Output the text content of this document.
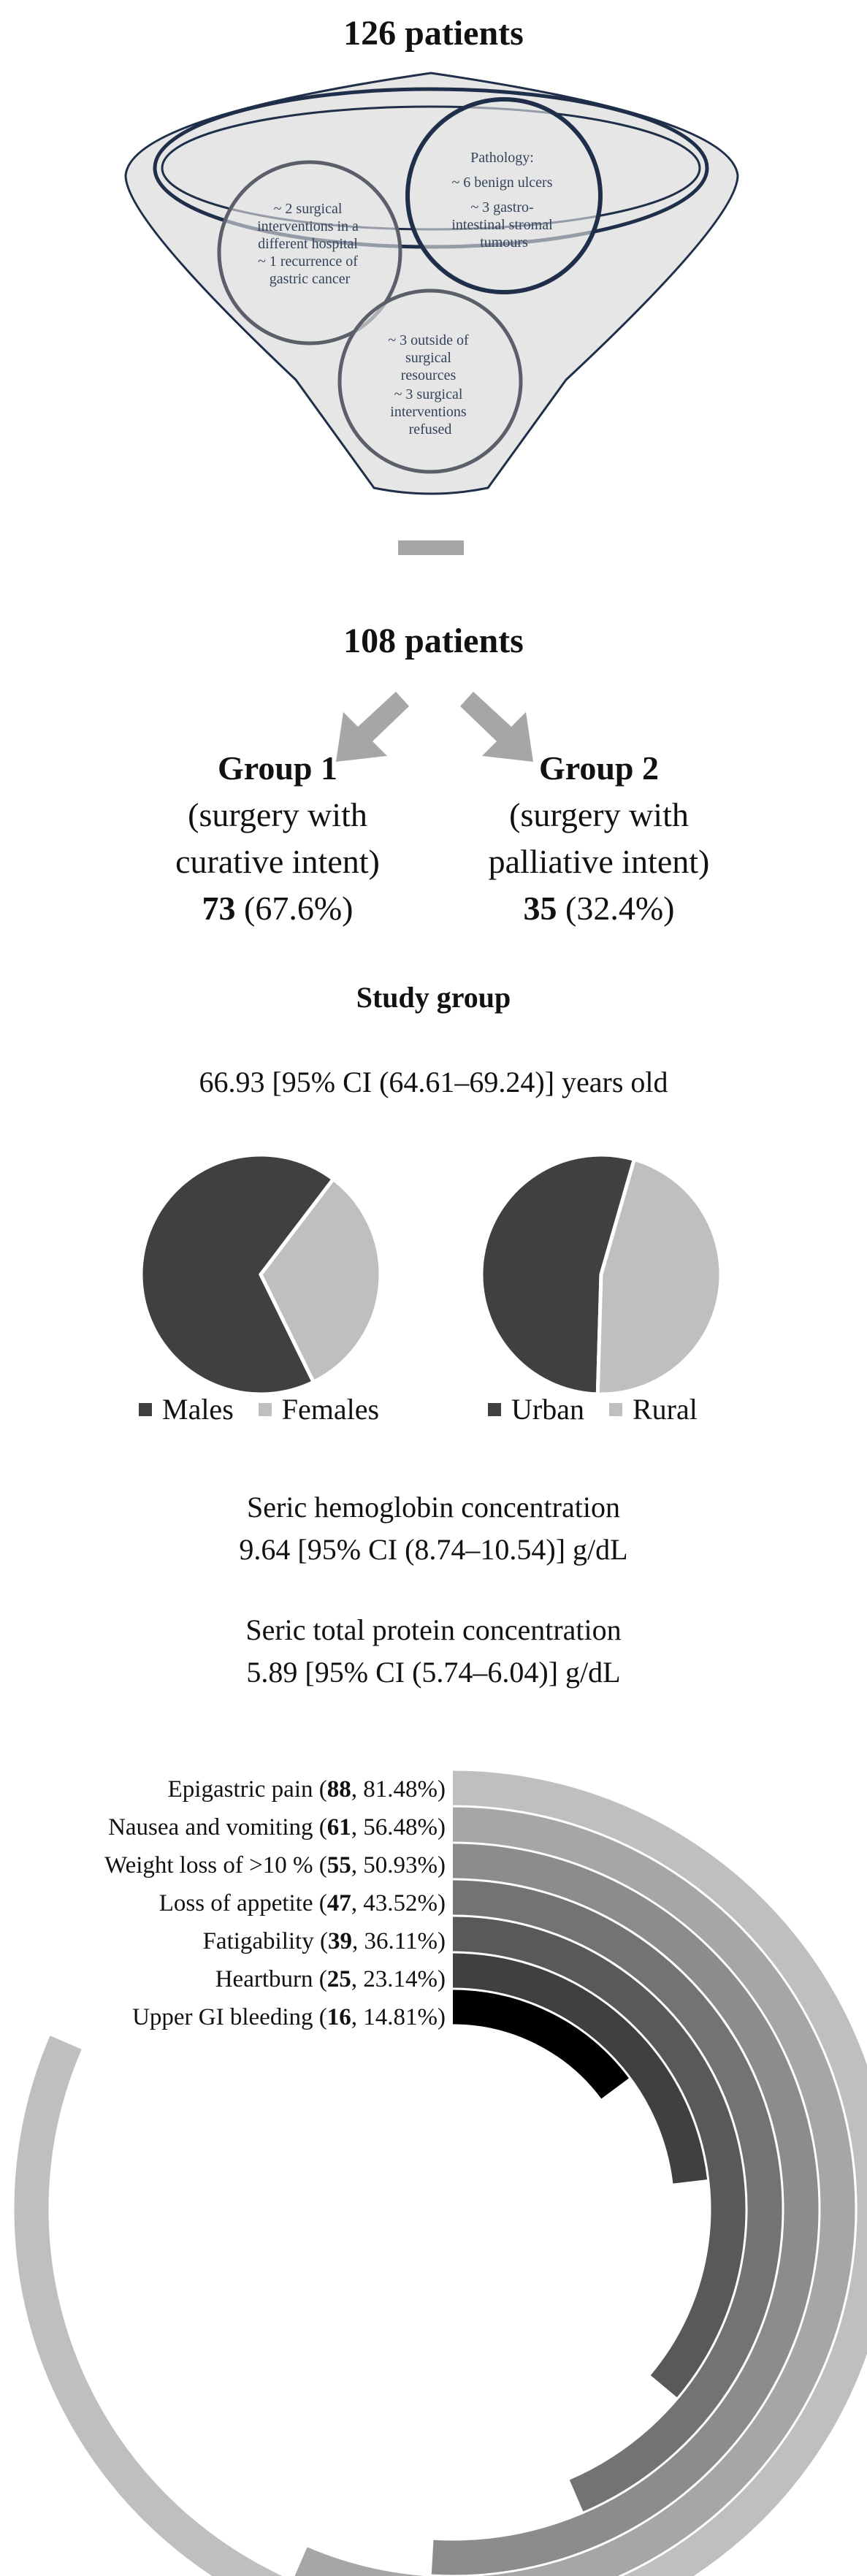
126 patients
~ 2 surgical interventions in a different hospital ~ 1 recurrence of gastric cancer
Pathology: ~ 6 benign ulcers ~ 3 gastro- intestinal stromal tumours
~ 3 outside of surgical resources ~ 3 surgical interventions refused
108 patients
Group 1
(surgery with
curative intent)
73 (67.6%)
Group 2
(surgery with
palliative intent)
35 (32.4%)
Study group
66.93 [95% CI (64.61–69.24)] years old
Males Females	Urban Rural
Seric hemoglobin concentration
9.64 [95% CI (8.74–10.54)] g/dL
Seric total protein concentration
5.89 [95% CI (5.74–6.04)] g/dL
Epigastric pain (88, 81.48%)
Nausea and vomiting (61, 56.48%)
Weight loss of >10 % (55, 50.93%)
Loss of appetite (47, 43.52%)
Fatigability (39, 36.11%)
Heartburn (25, 23.14%)
Upper GI bleeding (16, 14.81%)
